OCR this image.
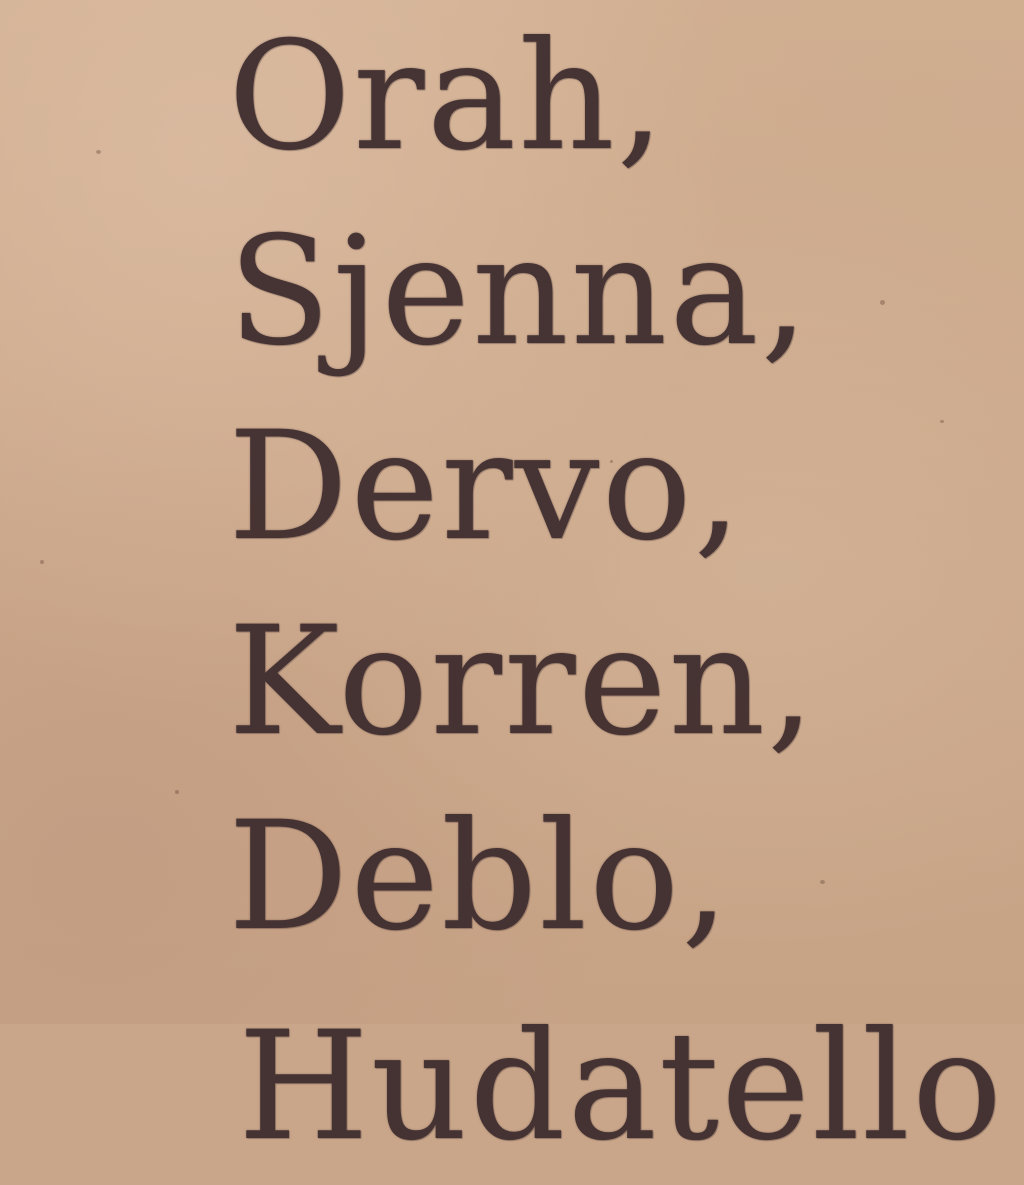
Orah,
Sjenna,
Dervo,
Korren,
Deblo,
Hudatello
